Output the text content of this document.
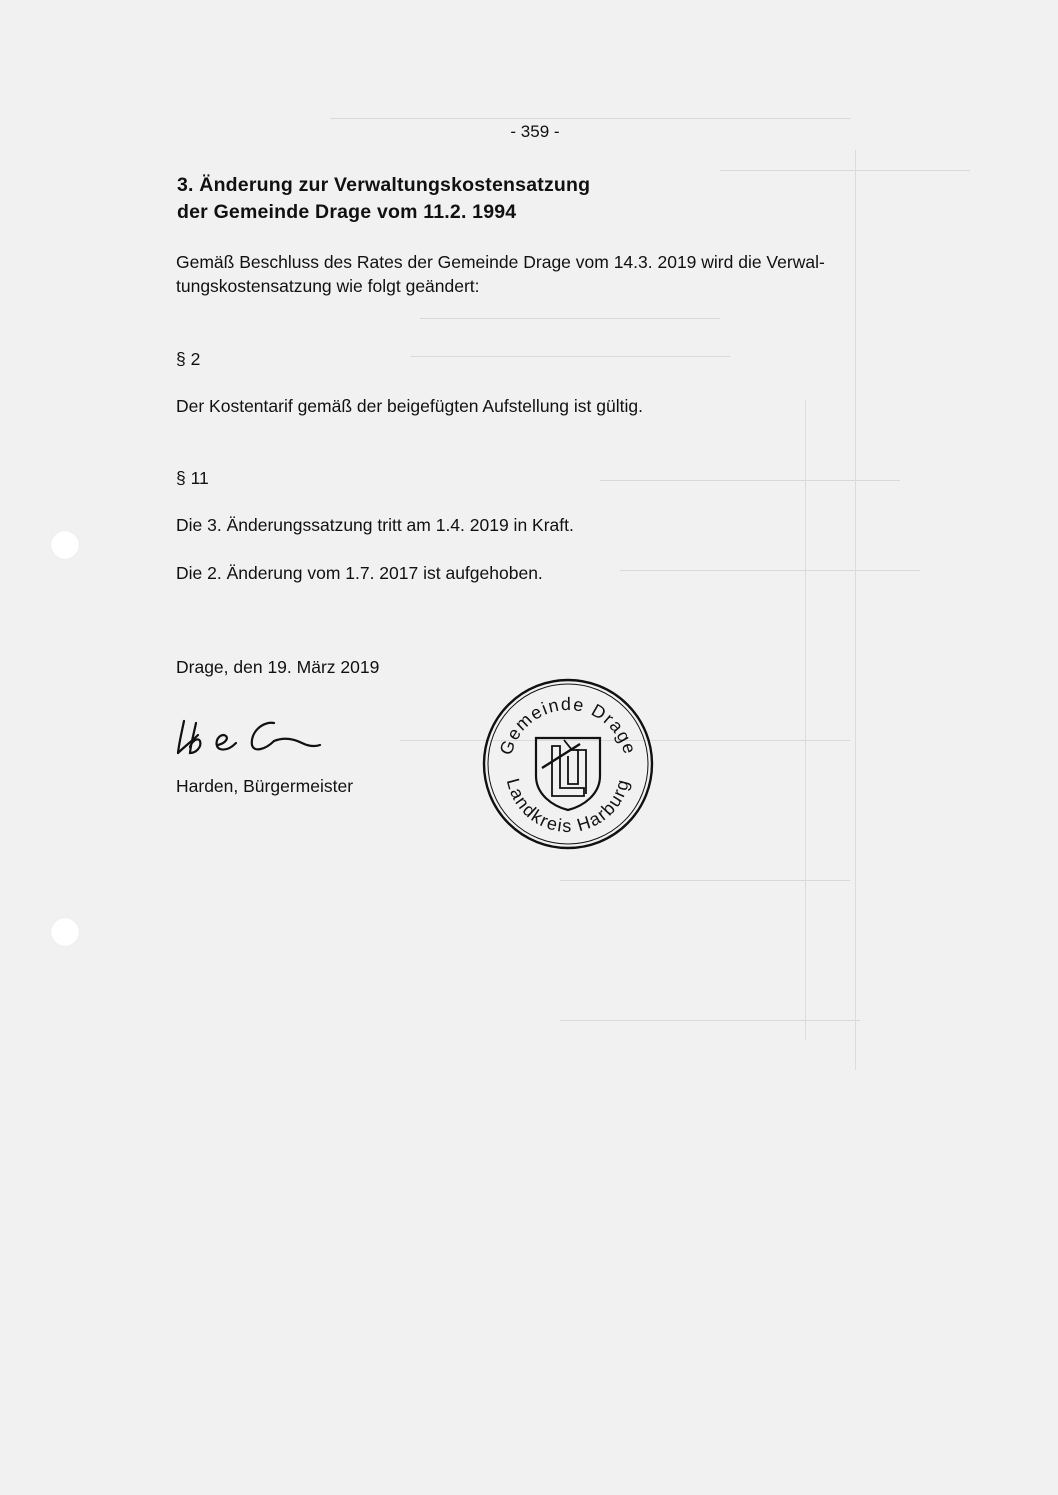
- 359 -
3. Änderung zur Verwaltungskostensatzung
der Gemeinde Drage vom 11.2. 1994
Gemäß Beschluss des Rates der Gemeinde Drage vom 14.3. 2019 wird die Verwal-
tungskostensatzung wie folgt geändert:
§ 2
Der Kostentarif gemäß der beigefügten Aufstellung ist gültig.
§ 11
Die 3. Änderungssatzung tritt am 1.4. 2019 in Kraft.
Die 2. Änderung vom 1.7. 2017 ist aufgehoben.
Drage, den 19. März 2019
Harden, Bürgermeister
Gemeinde Drage
Landkreis Harburg
